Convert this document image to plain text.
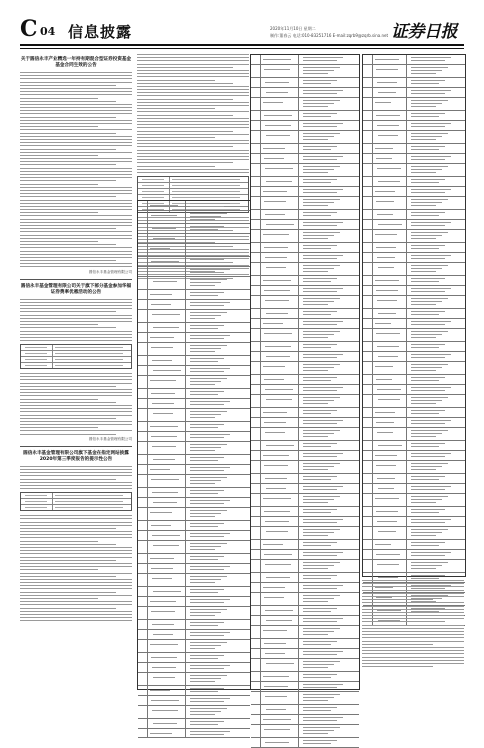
C 04 信息披露	2020年11月10日 星期二
制作:董春云 电话:010-83251716 E-mail:zqrb9@zqrb.sina.net 证券日报
关于圆信永丰产业精选一年持有期混合型证券投资基金基金合同生效的公告
圆信永丰基金管理有限公司
圆信永丰基金管理有限公司关于旗下部分基金参加华福证券费率优惠活动的公告
圆信永丰基金管理有限公司
圆信永丰基金管理有限公司旗下基金在指定网站披露2020年第三季度报告的提示性公告
